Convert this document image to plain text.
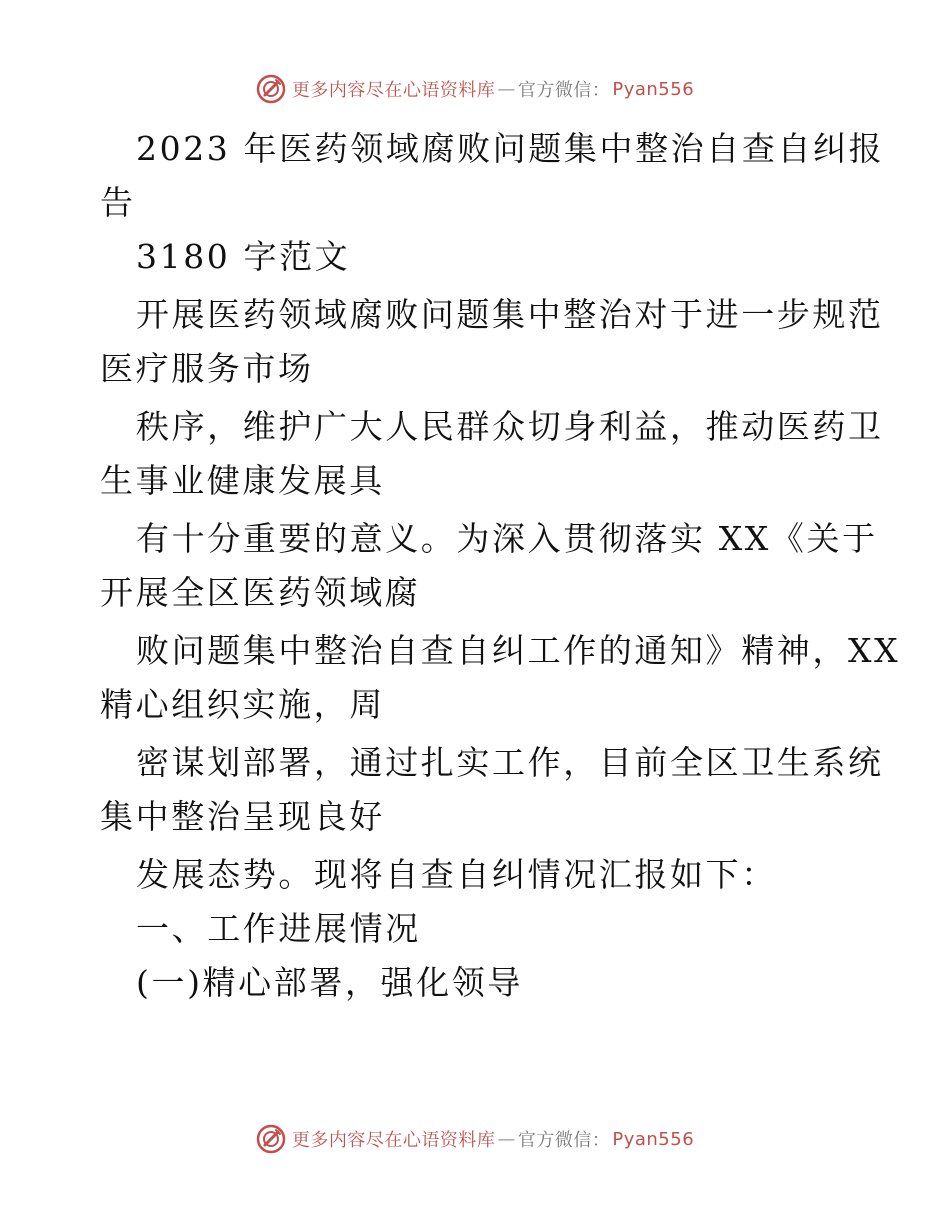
更多内容尽在心语资料库 — 官方微信： Pyan556
2023 年医药领域腐败问题集中整治自查自纠报
告
3180 字范文
开展医药领域腐败问题集中整治对于进一步规范
医疗服务市场
秩序，维护广大人民群众切身利益，推动医药卫
生事业健康发展具
有十分重要的意义。为深入贯彻落实 XX《关于
开展全区医药领域腐
败问题集中整治自查自纠工作的通知》精神，XX
精心组织实施，周
密谋划部署，通过扎实工作，目前全区卫生系统
集中整治呈现良好
发展态势。现将自查自纠情况汇报如下：
一、工作进展情况
(一)精心部署，强化领导
更多内容尽在心语资料库 — 官方微信： Pyan556
